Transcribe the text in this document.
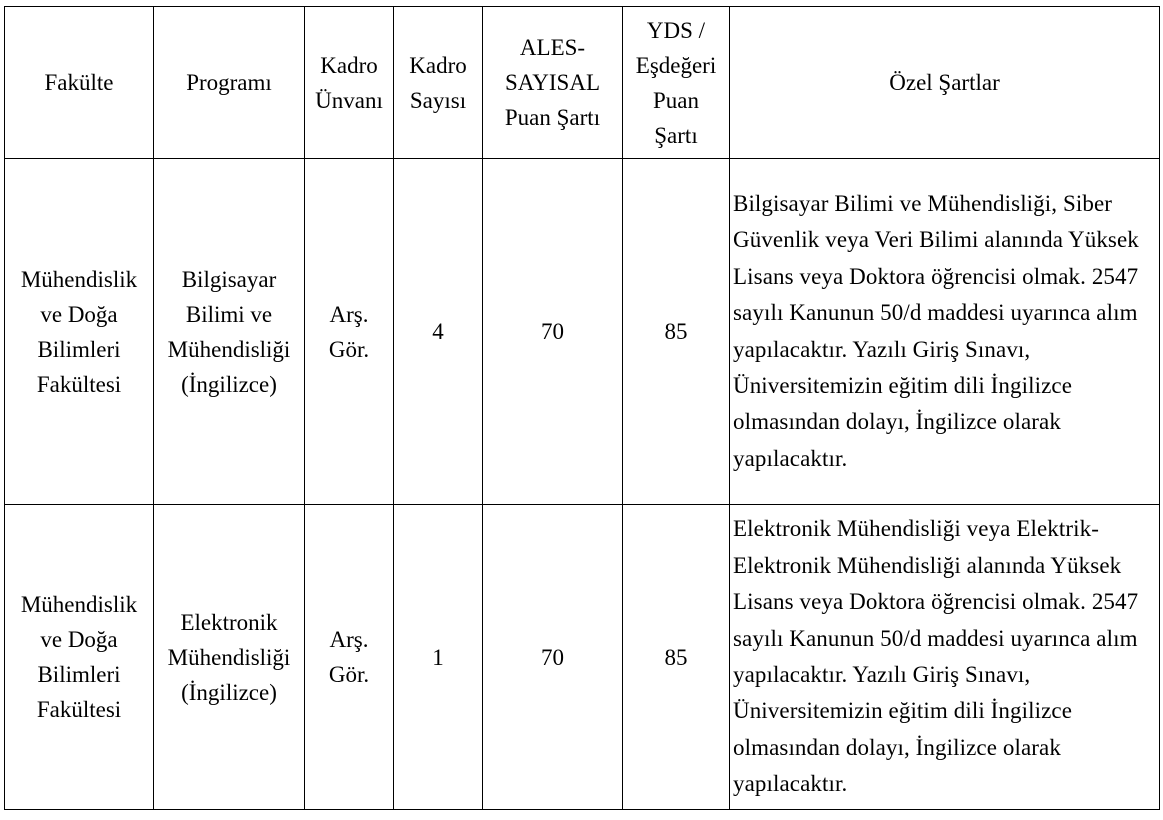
Fakülte	Programı	Kadro Ünvanı	Kadro Sayısı	ALES-SAYISAL Puan Şartı	YDS / Eşdeğeri Puan Şartı	Özel Şartlar
Mühendislik ve Doğa Bilimleri Fakültesi	Bilgisayar Bilimi ve Mühendisliği (İngilizce)	Arş. Gör.	4	70	85	Bilgisayar Bilimi ve Mühendisliği, Siber Güvenlik veya Veri Bilimi alanında Yüksek Lisans veya Doktora öğrencisi olmak. 2547 sayılı Kanunun 50/d maddesi uyarınca alım yapılacaktır. Yazılı Giriş Sınavı, Üniversitemizin eğitim dili İngilizce olmasından dolayı, İngilizce olarak yapılacaktır.
Mühendislik ve Doğa Bilimleri Fakültesi	Elektronik Mühendisliği (İngilizce)	Arş. Gör.	1	70	85	Elektronik Mühendisliği veya Elektrik-Elektronik Mühendisliği alanında Yüksek Lisans veya Doktora öğrencisi olmak. 2547 sayılı Kanunun 50/d maddesi uyarınca alım yapılacaktır. Yazılı Giriş Sınavı, Üniversitemizin eğitim dili İngilizce olmasından dolayı, İngilizce olarak yapılacaktır.
